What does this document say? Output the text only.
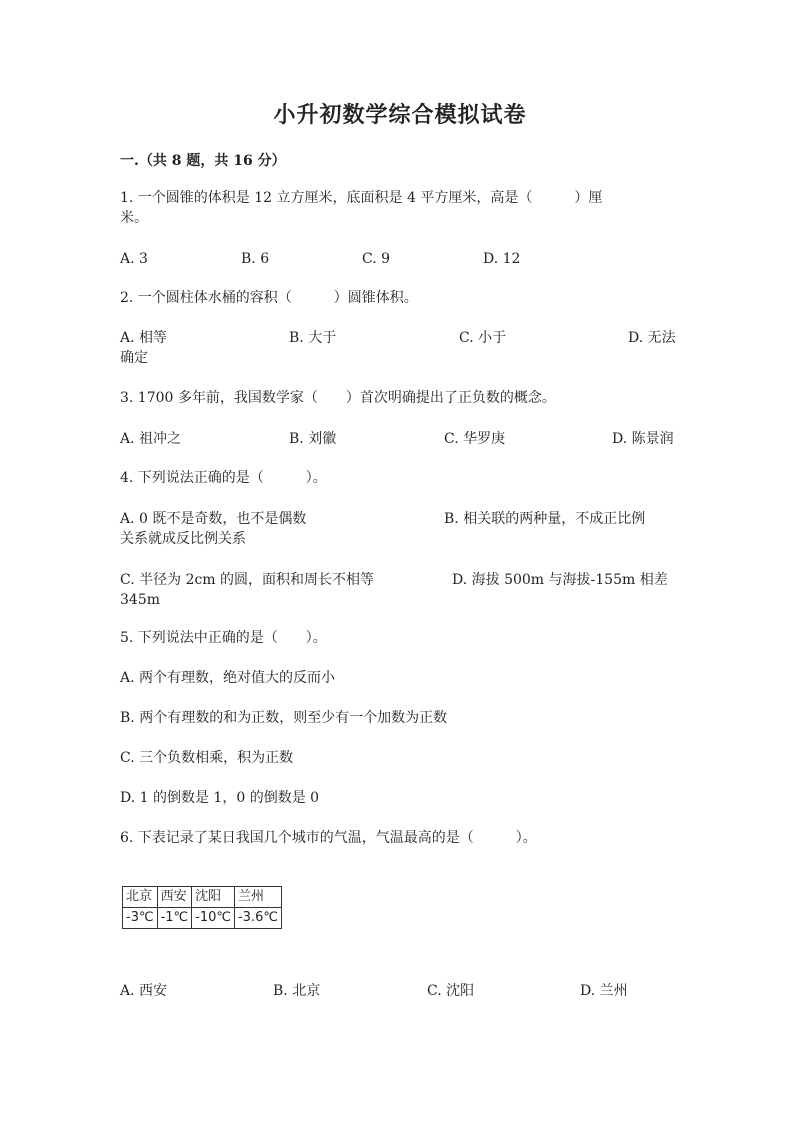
小升初数学综合模拟试卷
一.（共 8 题，共 16 分）
1. 一个圆锥的体积是 12 立方厘米，底面积是 4 平方厘米，高是（　　　）厘
米。
A. 3	B. 6	C. 9	D. 12
2. 一个圆柱体水桶的容积（　　　）圆锥体积。
A. 相等	B. 大于	C. 小于	D. 无法
确定
3. 1700 多年前，我国数学家（　　）首次明确提出了正负数的概念。
A. 祖冲之	B. 刘徽	C. 华罗庚	D. 陈景润
4. 下列说法正确的是（　　　）。
A. 0 既不是奇数，也不是偶数	B. 相关联的两种量，不成正比例
关系就成反比例关系
C. 半径为 2cm 的圆，面积和周长不相等	D. 海拔 500m 与海拔-155m 相差
345m
5. 下列说法中正确的是（　　）。
A. 两个有理数，绝对值大的反而小
B. 两个有理数的和为正数，则至少有一个加数为正数
C. 三个负数相乘，积为正数
D. 1 的倒数是 1，0 的倒数是 0
6. 下表记录了某日我国几个城市的气温，气温最高的是（　　　）。
北京	西安	沈阳	兰州
-3℃	-1℃	-10℃	-3.6℃
A. 西安	B. 北京	C. 沈阳	D. 兰州
